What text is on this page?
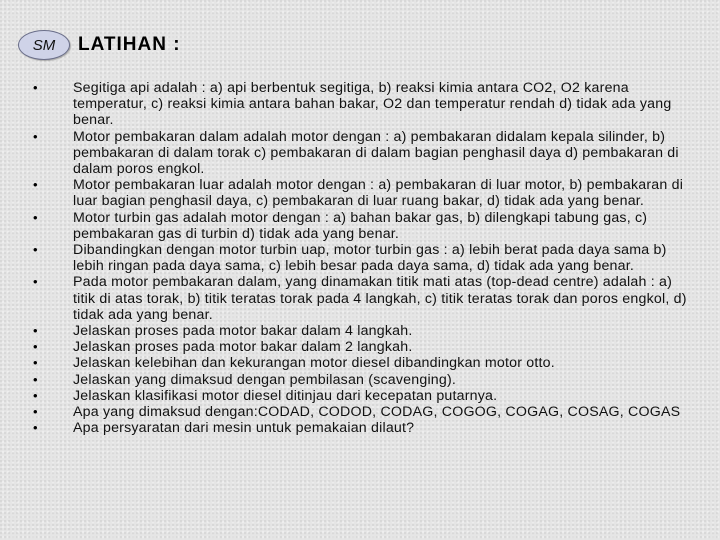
SM LATIHAN :
•	Segitiga api adalah : a) api berbentuk segitiga, b) reaksi kimia antara CO2, O2 karena temperatur, c) reaksi kimia antara bahan bakar, O2 dan temperatur rendah d) tidak ada yang benar.
•	Motor pembakaran dalam adalah motor dengan : a) pembakaran didalam kepala silinder, b) pembakaran di dalam torak c) pembakaran di dalam bagian penghasil daya d) pembakaran di dalam poros engkol.
•	Motor pembakaran luar adalah motor dengan : a) pembakaran di luar motor, b) pembakaran di luar bagian penghasil daya, c) pembakaran di luar ruang bakar, d) tidak ada yang benar.
•	Motor turbin gas adalah motor dengan : a) bahan bakar gas, b) dilengkapi tabung gas, c) pembakaran gas di turbin d) tidak ada yang benar.
•	Dibandingkan dengan motor turbin uap, motor turbin gas : a) lebih berat pada daya sama b) lebih ringan pada daya sama, c) lebih besar pada daya sama, d) tidak ada yang benar.
•	Pada motor pembakaran dalam, yang dinamakan titik mati atas (top-dead centre) adalah : a) titik di atas torak, b) titik teratas torak pada 4 langkah, c) titik teratas torak dan poros engkol, d) tidak ada yang benar.
•	Jelaskan proses pada motor bakar dalam 4 langkah.
•	Jelaskan proses pada motor bakar dalam 2 langkah.
•	Jelaskan kelebihan dan kekurangan motor diesel dibandingkan motor otto.
•	Jelaskan yang dimaksud dengan pembilasan (scavenging).
•	Jelaskan klasifikasi motor diesel ditinjau dari kecepatan putarnya.
•	Apa yang dimaksud dengan:CODAD, CODOD, CODAG, COGOG, COGAG, COSAG, COGAS
•	Apa persyaratan dari mesin untuk pemakaian dilaut?
